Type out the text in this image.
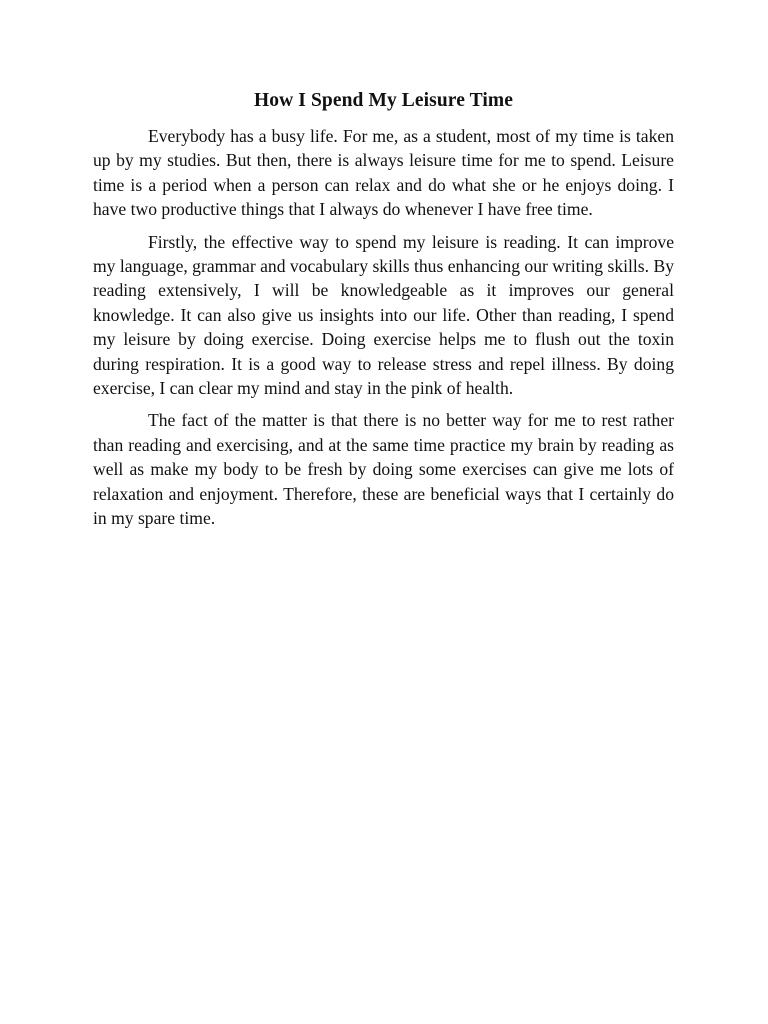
How I Spend My Leisure Time

Everybody has a busy life. For me, as a student, most of my time is taken up by my studies. But then, there is always leisure time for me to spend. Leisure time is a period when a person can relax and do what she or he enjoys doing. I have two productive things that I always do whenever I have free time.

Firstly, the effective way to spend my leisure is reading. It can improve my language, grammar and vocabulary skills thus enhancing our writing skills. By reading extensively, I will be knowledgeable as it improves our general knowledge. It can also give us insights into our life. Other than reading, I spend my leisure by doing exercise. Doing exercise helps me to flush out the toxin during respiration. It is a good way to release stress and repel illness. By doing exercise, I can clear my mind and stay in the pink of health.

The fact of the matter is that there is no better way for me to rest rather than reading and exercising, and at the same time practice my brain by reading as well as make my body to be fresh by doing some exercises can give me lots of relaxation and enjoyment. Therefore, these are beneficial ways that I certainly do in my spare time.
